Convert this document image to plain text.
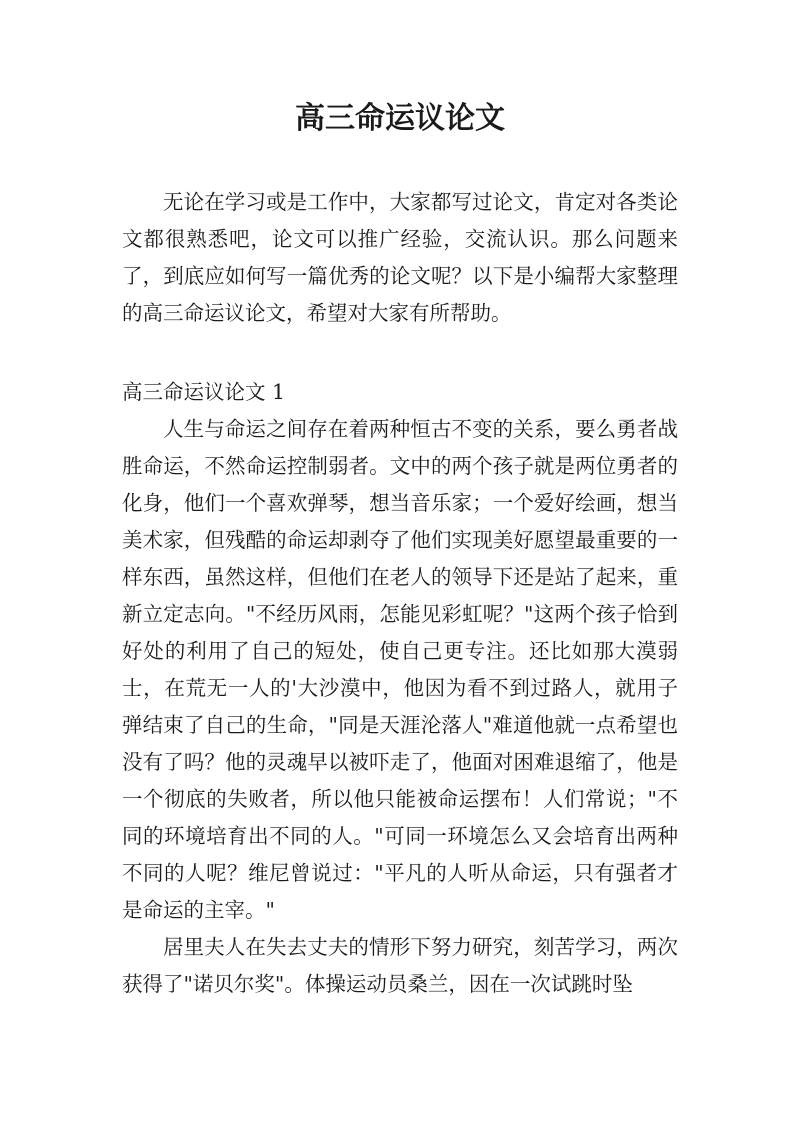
高三命运议论文

无论在学习或是工作中，大家都写过论文，肯定对各类论文都很熟悉吧，论文可以推广经验，交流认识。那么问题来了，到底应如何写一篇优秀的论文呢？以下是小编帮大家整理的高三命运议论文，希望对大家有所帮助。

高三命运议论文 1

人生与命运之间存在着两种恒古不变的关系，要么勇者战胜命运，不然命运控制弱者。文中的两个孩子就是两位勇者的化身，他们一个喜欢弹琴，想当音乐家；一个爱好绘画，想当美术家，但残酷的命运却剥夺了他们实现美好愿望最重要的一样东西，虽然这样，但他们在老人的领导下还是站了起来，重新立定志向。"不经历风雨，怎能见彩虹呢？"这两个孩子恰到好处的利用了自己的短处，使自己更专注。还比如那大漠弱士，在荒无一人的'大沙漠中，他因为看不到过路人，就用子弹结束了自己的生命，"同是天涯沦落人"难道他就一点希望也没有了吗？他的灵魂早以被吓走了，他面对困难退缩了，他是一个彻底的失败者，所以他只能被命运摆布！人们常说；"不同的环境培育出不同的人。"可同一环境怎么又会培育出两种不同的人呢？维尼曾说过："平凡的人听从命运，只有强者才是命运的主宰。"

居里夫人在失去丈夫的情形下努力研究，刻苦学习，两次获得了"诺贝尔奖"。体操运动员桑兰，因在一次试跳时坠
